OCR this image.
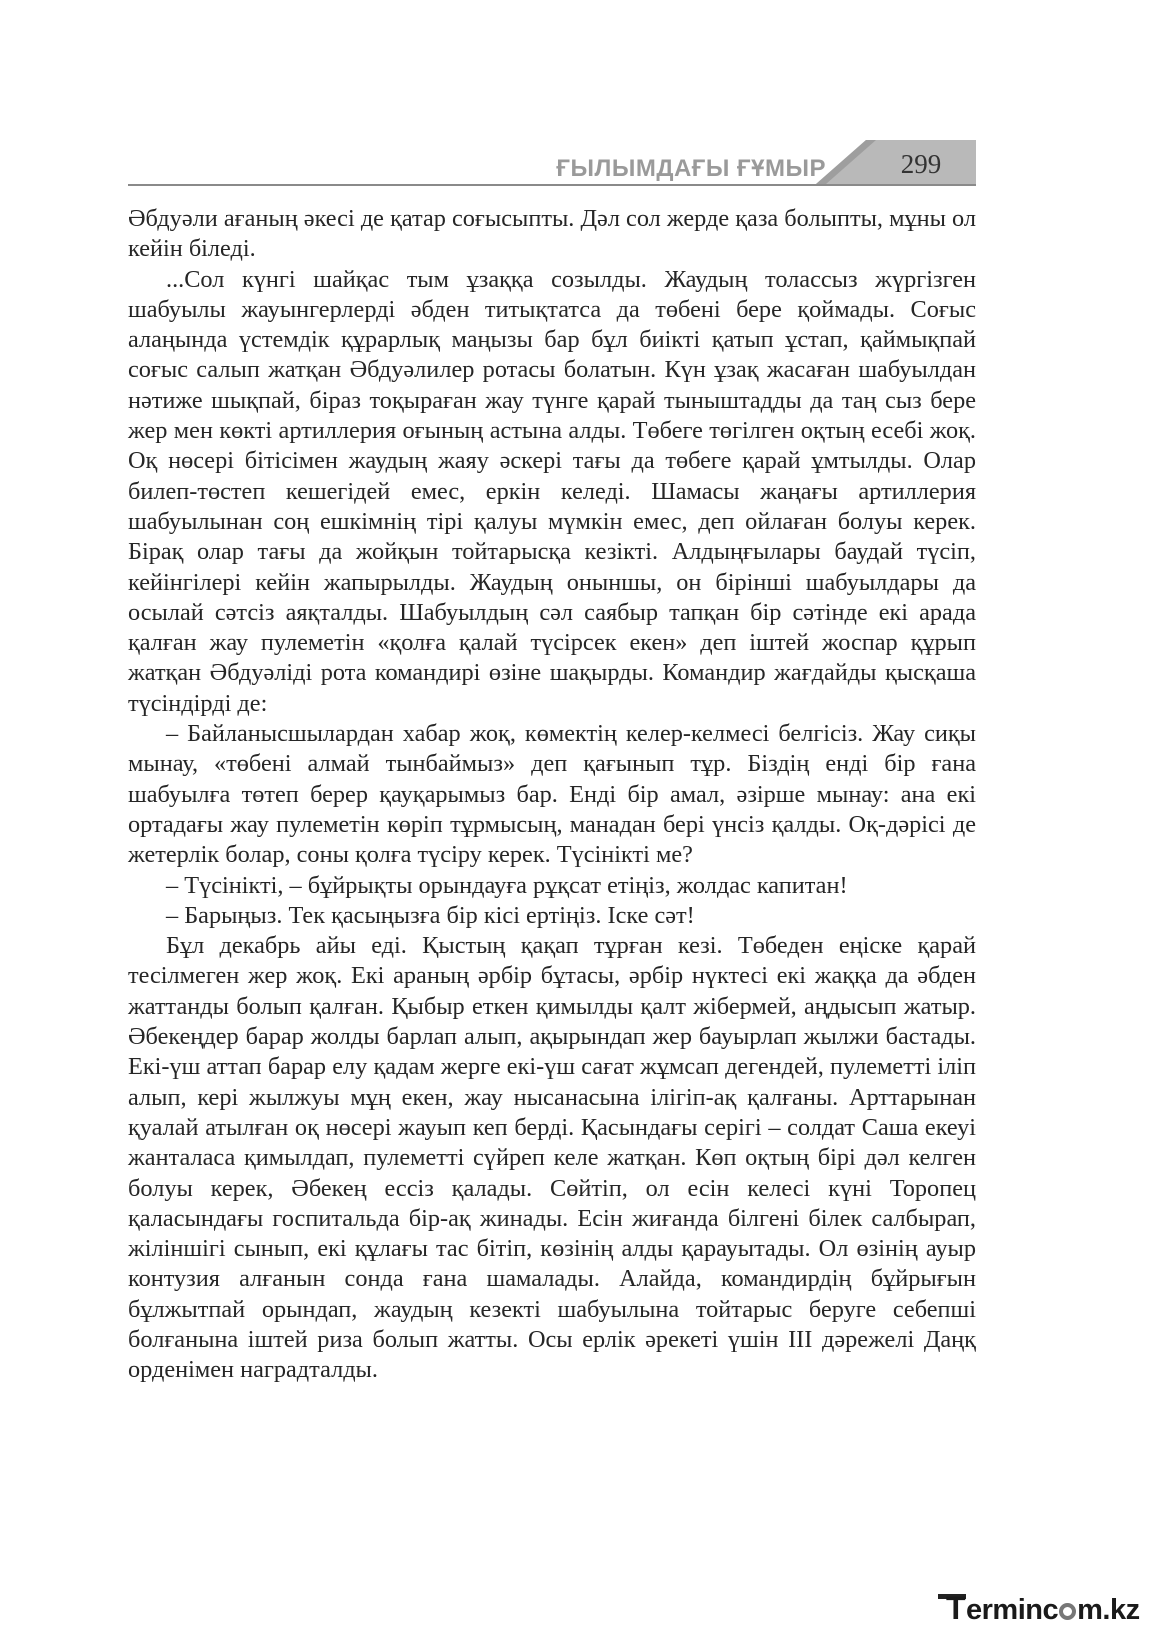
ҒЫЛЫМДАҒЫ ҒҰМЫР	299

Әбдуәли ағаның әкесі де қатар соғысыпты. Дәл сол жерде қаза болыпты, мұны ол кейін біледі.

...Сол күнгі шайқас тым ұзаққа созылды. Жаудың толассыз жүргізген шабуылы жауынгерлерді әбден титықтатса да төбені бере қоймады. Соғыс алаңында үстемдік құрарлық маңызы бар бұл биікті қатып ұстап, қаймықпай соғыс салып жатқан Әбдуәлилер ротасы болатын. Күн ұзақ жасаған шабуылдан нәтиже шықпай, біраз тоқыраған жау түнге қарай тыныштадды да таң сыз бере жер мен көкті артиллерия оғының астына алды. Төбеге төгілген оқтың есебі жоқ. Оқ нөсері бітісімен жаудың жаяу әскері тағы да төбеге қарай ұмтылды. Олар билеп-төстеп кешегідей емес, еркін келеді. Шамасы жаңағы артиллерия шабуылынан соң ешкімнің тірі қалуы мүмкін емес, деп ойлаған болуы керек. Бірақ олар тағы да жойқын тойтарысқа кезікті. Алдыңғылары баудай түсіп, кейінгілері кейін жапырылды. Жаудың оныншы, он бірінші шабуылдары да осылай сәтсіз аяқталды. Шабуылдың сәл саябыр тапқан бір сәтінде екі арада қалған жау пулеметін «қолға қалай түсірсек екен» деп іштей жоспар құрып жатқан Әбдуәліді рота командирі өзіне шақырды. Командир жағдайды қысқаша түсіндірді де:

– Байланысшылардан хабар жоқ, көмектің келер-келмесі белгісіз. Жау сиқы мынау, «төбені алмай тынбаймыз» деп қағынып тұр. Біздің енді бір ғана шабуылға төтеп берер қауқарымыз бар. Енді бір амал, әзірше мынау: ана екі ортадағы жау пулеметін көріп тұрмысың, манадан бері үнсіз қалды. Оқ-дәрісі де жетерлік болар, соны қолға түсіру керек. Түсінікті ме?

– Түсінікті, – бұйрықты орындауға рұқсат етіңіз, жолдас капитан!

– Барыңыз. Тек қасыңызға бір кісі ертіңіз. Іске сәт!

Бұл декабрь айы еді. Қыстың қақап тұрған кезі. Төбеден еңіске қарай тесілмеген жер жоқ. Екі араның әрбір бұтасы, әрбір нүктесі екі жаққа да әбден жаттанды болып қалған. Қыбыр еткен қимылды қалт жібермей, аңдысып жатыр. Әбекеңдер барар жолды барлап алып, ақырындап жер бауырлап жылжи бастады. Екі-үш аттап барар елу қадам жерге екі-үш сағат жұмсап дегендей, пулеметті іліп алып, кері жылжуы мұң екен, жау нысанасына ілігіп-ақ қалғаны. Арттарынан қуалай атылған оқ нөсері жауып кеп берді. Қасындағы серігі – солдат Саша екеуі жанталаса қимылдап, пулеметті сүйреп келе жатқан. Көп оқтың бірі дәл келген болуы керек, Әбекең ессіз қалады. Сөйтіп, ол есін келесі күні Торопец қаласындағы госпитальда бір-ақ жинады. Есін жиғанда білгені білек салбырап, жіліншігі сынып, екі құлағы тас бітіп, көзінің алды қарауытады. Ол өзінің ауыр контузия алғанын сонда ғана шамалады. Алайда, командирдің бұйрығын бұлжытпай орындап, жаудың кезекті шабуылына тойтарыс беруге себепші болғанына іштей риза болып жатты. Осы ерлік әрекеті үшін ІІІ дәрежелі Даңқ орденімен наградталды.

T erminc m.kz
